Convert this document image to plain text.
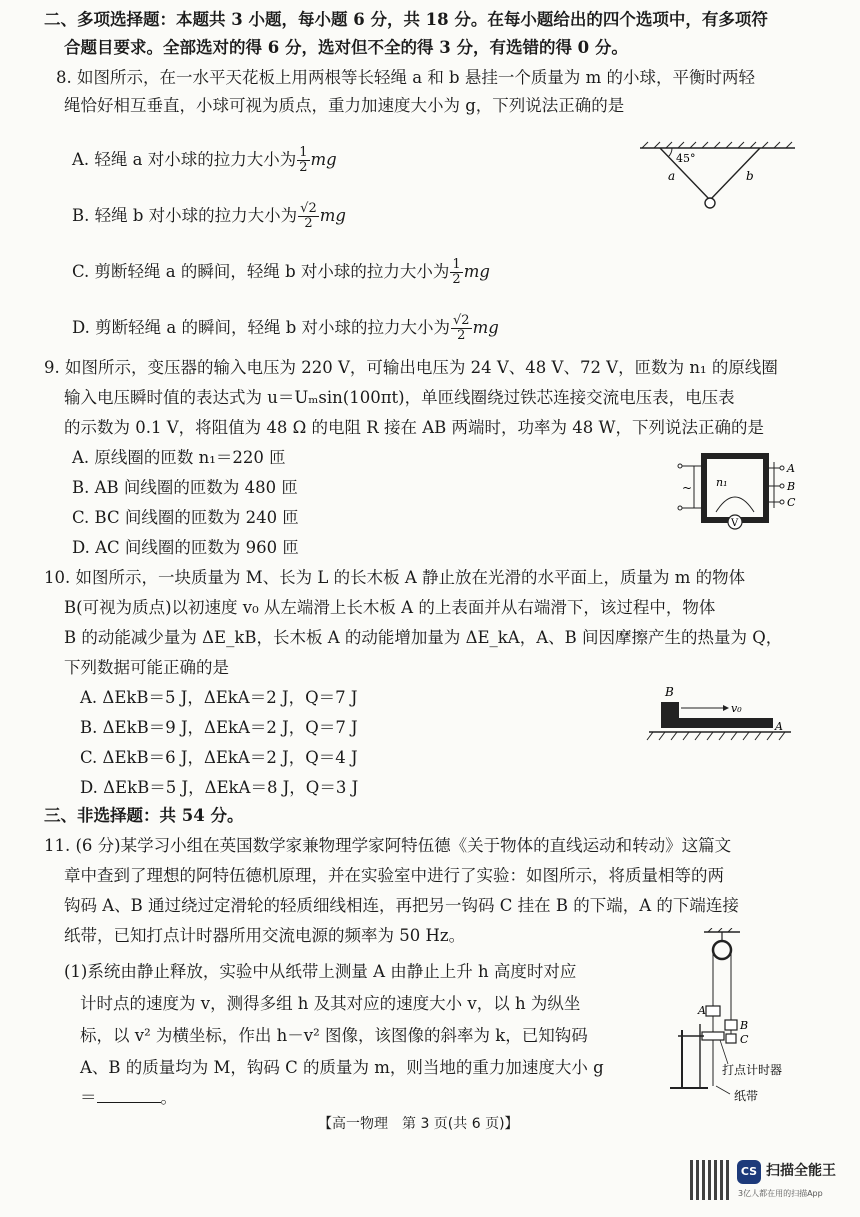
二、多项选择题：本题共 3 小题，每小题 6 分，共 18 分。在每小题给出的四个选项中，有多项符
合题目要求。全部选对的得 6 分，选对但不全的得 3 分，有选错的得 0 分。
8. 如图所示，在一水平天花板上用两根等长轻绳 a 和 b 悬挂一个质量为 m 的小球，平衡时两轻
绳恰好相互垂直，小球可视为质点，重力加速度大小为 g，下列说法正确的是
A. 轻绳 a 对小球的拉力大小为 $\frac{1}{2}$ mg
B. 轻绳 b 对小球的拉力大小为 $\frac{√2}{2}$ mg
C. 剪断轻绳 a 的瞬间，轻绳 b 对小球的拉力大小为 $\frac{1}{2}$ mg
D. 剪断轻绳 a 的瞬间，轻绳 b 对小球的拉力大小为 $\frac{√2}{2}$ mg
45°
a	b
9. 如图所示，变压器的输入电压为 220 V，可输出电压为 24 V、48 V、72 V，匝数为 n₁ 的原线圈
输入电压瞬时值的表达式为 u＝Uₘsin(100πt)，单匝线圈绕过铁芯连接交流电压表，电压表
的示数为 0.1 V，将阻值为 48 Ω 的电阻 R 接在 AB 两端时，功率为 48 W，下列说法正确的是
A. 原线圈的匝数 n₁＝220 匝
B. AB 间线圈的匝数为 480 匝
C. BC 间线圈的匝数为 240 匝
D. AC 间线圈的匝数为 960 匝
~ n₁
A
B
C
V
10. 如图所示，一块质量为 M、长为 L 的长木板 A 静止放在光滑的水平面上，质量为 m 的物体
B(可视为质点)以初速度 v₀ 从左端滑上长木板 A 的上表面并从右端滑下，该过程中，物体
B 的动能减少量为 ΔE_kB，长木板 A 的动能增加量为 ΔE_kA，A、B 间因摩擦产生的热量为 Q，
下列数据可能正确的是
A. ΔEkB＝5 J，ΔEkA＝2 J，Q＝7 J
B. ΔEkB＝9 J，ΔEkA＝2 J，Q＝7 J
C. ΔEkB＝6 J，ΔEkA＝2 J，Q＝4 J
D. ΔEkB＝5 J，ΔEkA＝8 J，Q＝3 J
B
v₀
A
三、非选择题：共 54 分。
11. (6 分)某学习小组在英国数学家兼物理学家阿特伍德《关于物体的直线运动和转动》这篇文
章中查到了理想的阿特伍德机原理，并在实验室中进行了实验：如图所示，将质量相等的两
钩码 A、B 通过绕过定滑轮的轻质细线相连，再把另一钩码 C 挂在 B 的下端，A 的下端连接
纸带，已知打点计时器所用交流电源的频率为 50 Hz。
(1)系统由静止释放，实验中从纸带上测量 A 由静止上升 h 高度时对应
计时点的速度为 v，测得多组 h 及其对应的速度大小 v，以 h 为纵坐
标，以 v² 为横坐标，作出 h－v² 图像，该图像的斜率为 k，已知钩码
A、B 的质量均为 M，钩码 C 的质量为 m，则当地的重力加速度大小 g
＝	。
A
B
C
打点计时器
纸带
【高一物理　第 3 页(共 6 页)】
CS 扫描全能王
3亿人都在用的扫描App
